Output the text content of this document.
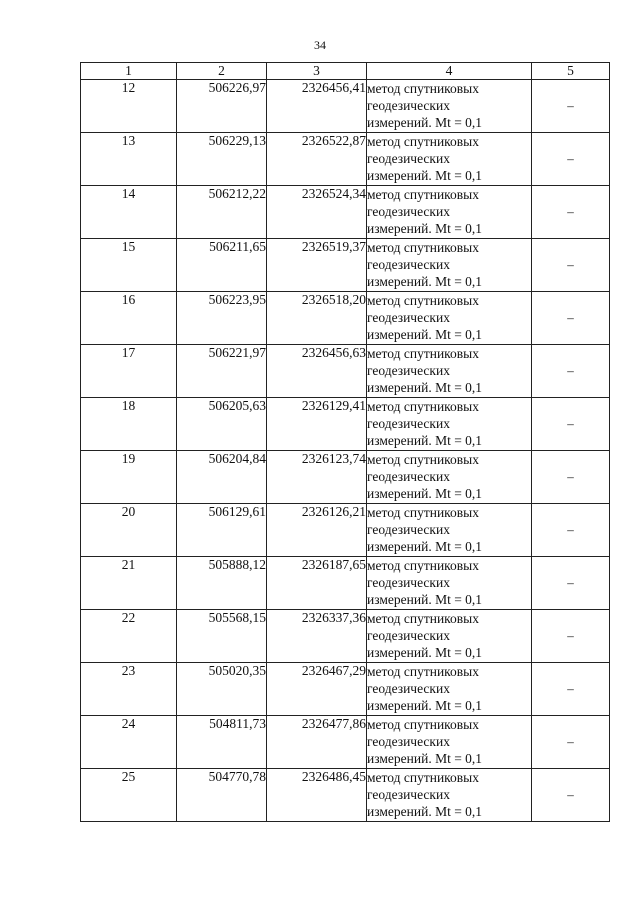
34
1	2	3	4	5
12	506226,97	2326456,41	метод спутниковых
геодезических
измерений. Mt = 0,1	–
13	506229,13	2326522,87	метод спутниковых
геодезических
измерений. Mt = 0,1	–
14	506212,22	2326524,34	метод спутниковых
геодезических
измерений. Mt = 0,1	–
15	506211,65	2326519,37	метод спутниковых
геодезических
измерений. Mt = 0,1	–
16	506223,95	2326518,20	метод спутниковых
геодезических
измерений. Mt = 0,1	–
17	506221,97	2326456,63	метод спутниковых
геодезических
измерений. Mt = 0,1	–
18	506205,63	2326129,41	метод спутниковых
геодезических
измерений. Mt = 0,1	–
19	506204,84	2326123,74	метод спутниковых
геодезических
измерений. Mt = 0,1	–
20	506129,61	2326126,21	метод спутниковых
геодезических
измерений. Mt = 0,1	–
21	505888,12	2326187,65	метод спутниковых
геодезических
измерений. Mt = 0,1	–
22	505568,15	2326337,36	метод спутниковых
геодезических
измерений. Mt = 0,1	–
23	505020,35	2326467,29	метод спутниковых
геодезических
измерений. Mt = 0,1	–
24	504811,73	2326477,86	метод спутниковых
геодезических
измерений. Mt = 0,1	–
25	504770,78	2326486,45	метод спутниковых
геодезических
измерений. Mt = 0,1	–
